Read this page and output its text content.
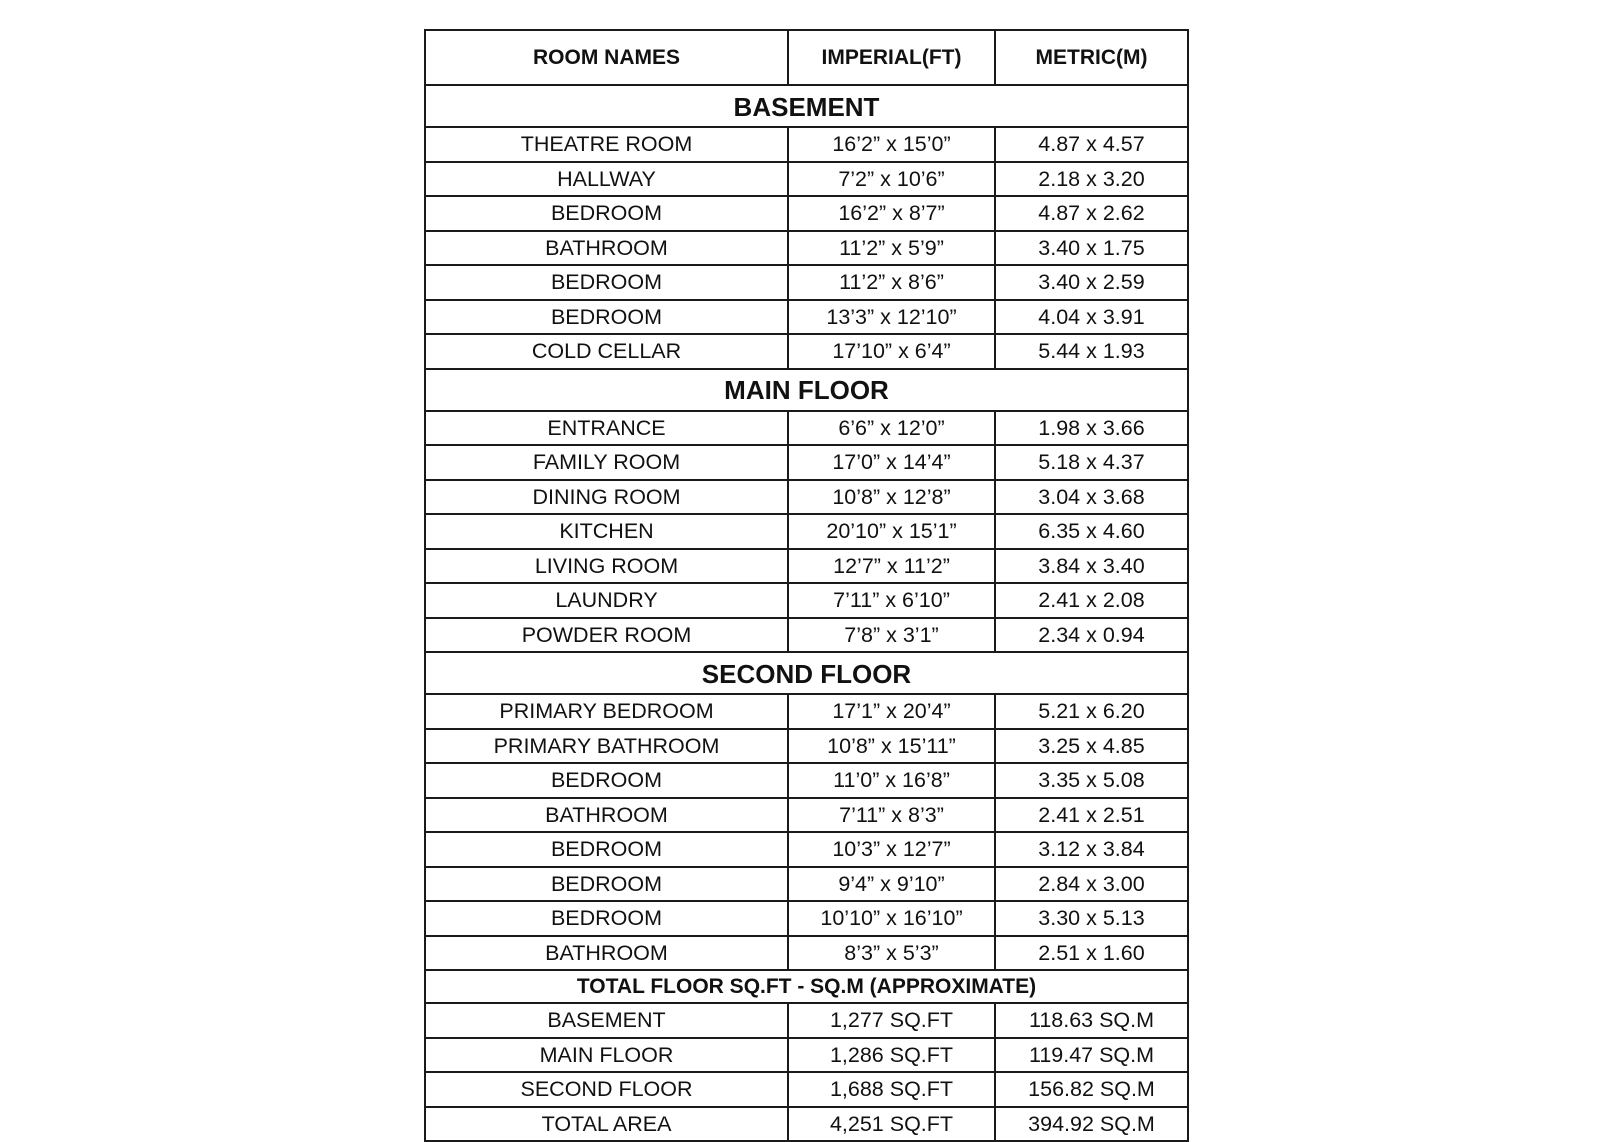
ROOM NAMES	IMPERIAL(FT)	METRIC(M)
BASEMENT		
THEATRE ROOM	16’2” x 15’0”	4.87 x 4.57
HALLWAY	7’2” x 10’6”	2.18 x 3.20
BEDROOM	16’2” x 8’7”	4.87 x 2.62
BATHROOM	11’2” x 5’9”	3.40 x 1.75
BEDROOM	11’2” x 8’6”	3.40 x 2.59
BEDROOM	13’3” x 12’10”	4.04 x 3.91
COLD CELLAR	17’10” x 6’4”	5.44 x 1.93
MAIN FLOOR		
ENTRANCE	6’6” x 12’0”	1.98 x 3.66
FAMILY ROOM	17’0” x 14’4”	5.18 x 4.37
DINING ROOM	10’8” x 12’8”	3.04 x 3.68
KITCHEN	20’10” x 15’1”	6.35 x 4.60
LIVING ROOM	12’7” x 11’2”	3.84 x 3.40
LAUNDRY	7’11” x 6’10”	2.41 x 2.08
POWDER ROOM	7’8” x 3’1”	2.34 x 0.94
SECOND FLOOR		
PRIMARY BEDROOM	17’1” x 20’4”	5.21 x 6.20
PRIMARY BATHROOM	10’8” x 15’11”	3.25 x 4.85
BEDROOM	11’0” x 16’8”	3.35 x 5.08
BATHROOM	7’11” x 8’3”	2.41 x 2.51
BEDROOM	10’3” x 12’7”	3.12 x 3.84
BEDROOM	9’4” x 9’10”	2.84 x 3.00
BEDROOM	10’10” x 16’10”	3.30 x 5.13
BATHROOM	8’3” x 5’3”	2.51 x 1.60
TOTAL FLOOR SQ.FT - SQ.M (APPROXIMATE)		
BASEMENT	1,277 SQ.FT	118.63 SQ.M
MAIN FLOOR	1,286 SQ.FT	119.47 SQ.M
SECOND FLOOR	1,688 SQ.FT	156.82 SQ.M
TOTAL AREA	4,251 SQ.FT	394.92 SQ.M
